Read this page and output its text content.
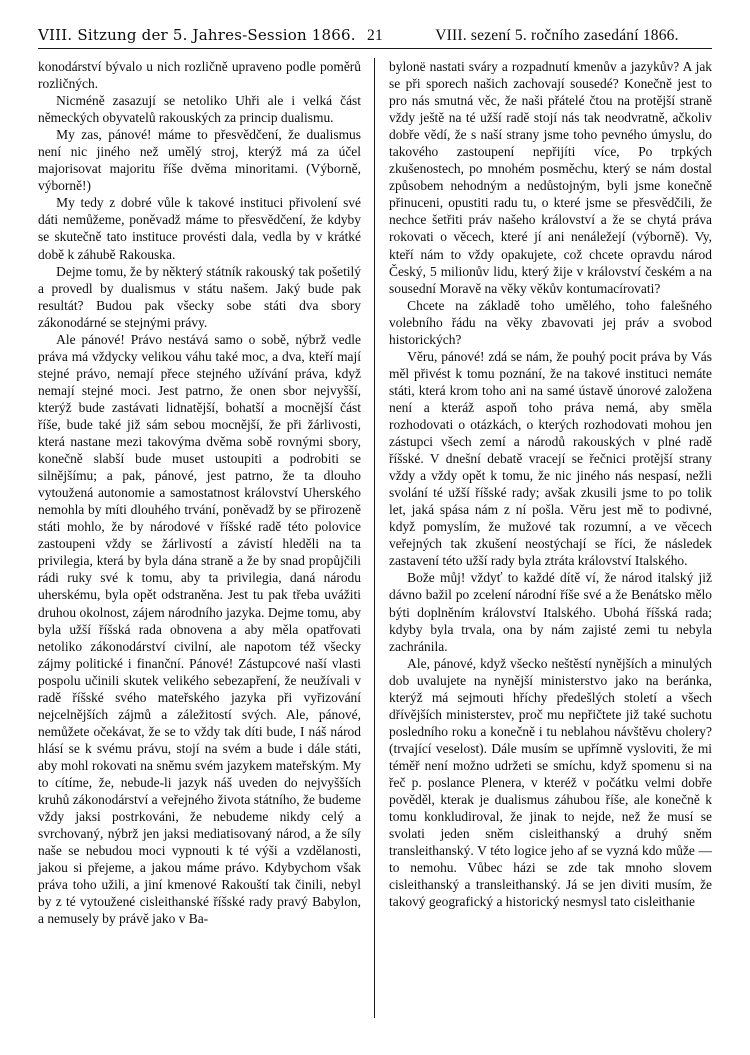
VIII. Sitzung der 5. Jahres-Session 1866. 21	VIII. sezení 5. ročního zasedání 1866.

konodárství bývalo u nich rozličně upraveno podle poměrů rozličných.

Nicméně zasazují se netoliko Uhři ale i velká část německých obyvatelů rakouských za princip dualismu.

My zas, pánové! máme to přesvědčení, že dualismus není nic jiného než umělý stroj, kterýž má za účel majorisovat majoritu říše dvěma minoritami. (Výborně, výborně!)

My tedy z dobré vůle k takové instituci přivolení své dáti nemůžeme, poněvadž máme to přesvědčení, že kdyby se skutečně tato instituce provésti dala, vedla by v krátké době k záhubě Rakouska.

Dejme tomu, že by některý státník rakouský tak pošetilý a provedl by dualismus v státu našem. Jaký bude pak resultát? Budou pak všecky sobe státi dva sbory zákonodárné se stejnými právy.

Ale pánové! Právo nestává samo o sobě, nýbrž vedle práva má vždycky velikou váhu také moc, a dva, kteří mají stejné právo, nemají přece stejného užívání práva, když nemají stejné moci. Jest patrno, že onen sbor nejvyšší, kterýž bude zastávati lidnatější, bohatší a mocnější část říše, bude také již sám sebou mocnější, že při žárlivosti, která nastane mezi takovýma dvěma sobě rovnými sbory, konečně slabší bude muset ustoupiti a podrobiti se silnějšímu; a pak, pánové, jest patrno, že ta dlouho vytoužená autonomie a samostatnost království Uherského nemohla by míti dlouhého trvání, poněvadž by se přirozeně státi mohlo, že by národové v říšské radě této polovice zastoupeni vždy se žárlivostí a závistí hleděli na ta privilegia, která by byla dána straně a že by snad propůjčili rádi ruky své k tomu, aby ta privilegia, daná národu uherskému, byla opět odstraněna. Jest tu pak třeba uvážiti druhou okolnost, zájem národního jazyka. Dejme tomu, aby byla užší říšská rada obnovena a aby měla opatřovati netoliko zákonodárství civilní, ale napotom též všecky zájmy politické i finanční. Pánové! Zástupcové naší vlasti pospolu učinili skutek velikého sebezapření, že neužívali v radě říšské svého mateřského jazyka při vyřizování nejcelnějších zájmů a záležitostí svých. Ale, pánové, nemůžete očekávat, že se to vždy tak díti bude, I náš národ hlásí se k svému právu, stojí na svém a bude i dále státi, aby mohl rokovati na sněmu svém jazykem mateřským. My to cítíme, že, nebude-li jazyk náš uveden do nejvyšších kruhů zákonodárství a veřejného života státního, že budeme vždy jaksi postrkováni, že nebudeme nikdy celý a svrchovaný, nýbrž jen jaksi mediatisovaný národ, a že síly naše se nebudou moci vypnouti k té výši a vzdělanosti, jakou si přejeme, a jakou máme právo. Kdybychom však práva toho užili, a jiní kmenové Rakouští tak činili, nebyl by z té vytoužené cisleithanské říšské rady pravý Babylon, a nemusely by právě jako v Ba-

bylonë nastati sváry a rozpadnutí kmenův a jazykův? A jak se při sporech našich zachovají sousedé? Konečně jest to pro nás smutná věc, že naši přátelé čtou na protější straně vždy ještě na té užší radě stojí nás tak neodvratně, ačkoliv dobře vědí, že s naší strany jsme toho pevného úmyslu, do takového zastoupení nepřijíti více, Po trpkých zkušenostech, po mnohém posměchu, který se nám dostal způsobem nehodným a nedůstojným, byli jsme konečně přinuceni, opustiti radu tu, o které jsme se přesvědčili, že nechce šetřiti práv našeho království a že se chytá práva rokovati o věcech, které jí ani nenáležejí (výborně). Vy, kteří nám to vždy opakujete, což chcete opravdu národ Český, 5 milionův lidu, který žije v království českém a na sousední Moravě na věky věkův kontumacírovati?

Chcete na základě toho umělého, toho falešného volebního řádu na věky zbavovati jej práv a svobod historických?

Věru, pánové! zdá se nám, že pouhý pocit práva by Vás měl přivést k tomu poznání, že na takové instituci nemáte státi, která krom toho ani na samé ústavě únorové založena není a kteráž aspoň toho práva nemá, aby směla rozhodovati o otázkách, o kterých rozhodovati mohou jen zástupci všech zemí a národů rakouských v plné radě říšské. V dnešní debatě vracejí se řečnici protější strany vždy a vždy opět k tomu, že nic jiného nás nespasí, nežli svolání té užší říšské rady; avšak zkusili jsme to po tolik let, jaká spása nám z ní pošla. Věru jest mě to podivné, když pomyslím, že mužové tak rozumní, a ve věcech veřejných tak zkušení neostýchají se říci, že následek zastavení této užší rady byla ztráta království Italského.

Bože můj! vždyť to každé dítě ví, že národ italský již dávno bažil po zcelení národní říše své a že Benátsko mělo býti doplněním království Italského. Ubohá říšská rada; kdyby byla trvala, ona by nám zajisté zemi tu nebyla zachránila.

Ale, pánové, když všecko neštěstí nynějších a minulých dob uvalujete na nynější ministerstvo jako na beránka, kterýž má sejmouti hříchy předešlých století a všech dřívějších ministerstev, proč mu nepřičtete již také suchotu posledního roku a konečně i tu neblahou návštěvu cholery? (trvající veselost). Dále musím se upřímně vysloviti, že mi téměř není možno udržeti se smíchu, když spomenu si na řeč p. poslance Plenera, v kteréž v počátku velmi dobře pověděl, kterak je dualismus záhubou říše, ale konečně k tomu konkludiroval, že jinak to nejde, než že musí se svolati jeden sněm cisleithanský a druhý sněm transleithanský. V této logice jeho af se vyzná kdo může — to nemohu. Vůbec házi se zde tak mnoho slovem cisleithanský a transleithanský. Já se jen diviti musím, že takový geografický a historický nesmysl tato cisleithanie
